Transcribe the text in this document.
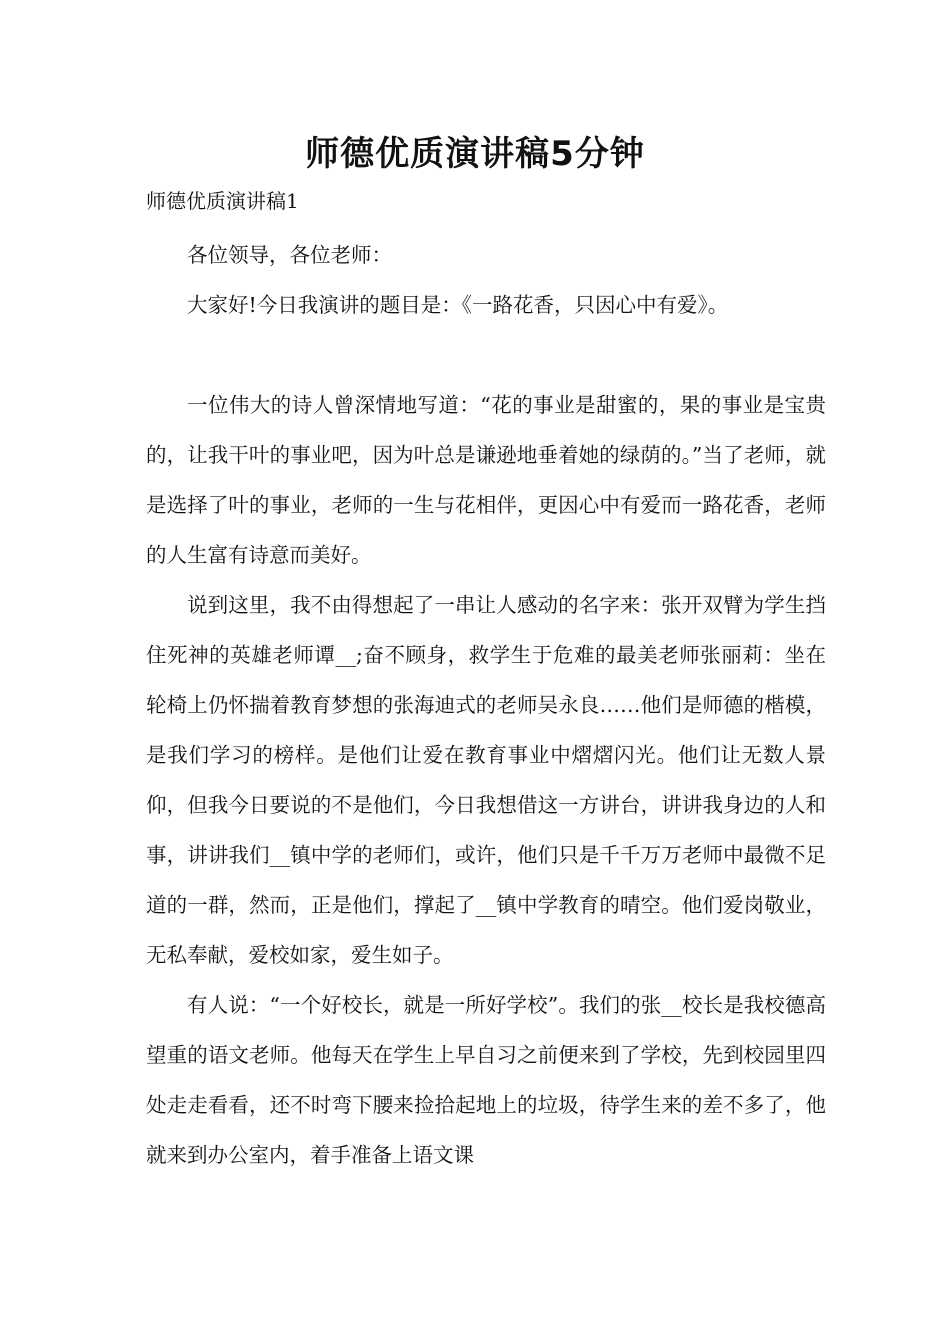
师德优质演讲稿5分钟
师德优质演讲稿1

各位领导，各位老师：

大家好!今日我演讲的题目是：《一路花香，只因心中有爱》。

一位伟大的诗人曾深情地写道：“花的事业是甜蜜的，果的事业是宝贵的，让我干叶的事业吧，因为叶总是谦逊地垂着她的绿荫的。”当了老师，就是选择了叶的事业，老师的一生与花相伴，更因心中有爱而一路花香，老师的人生富有诗意而美好。

说到这里，我不由得想起了一串让人感动的名字来：张开双臂为学生挡住死神的英雄老师谭__;奋不顾身，救学生于危难的最美老师张丽莉：坐在轮椅上仍怀揣着教育梦想的张海迪式的老师吴永良……他们是师德的楷模，是我们学习的榜样。是他们让爱在教育事业中熠熠闪光。他们让无数人景仰，但我今日要说的不是他们，今日我想借这一方讲台，讲讲我身边的人和事，讲讲我们__镇中学的老师们，或许，他们只是千千万万老师中最微不足道的一群，然而，正是他们，撑起了__镇中学教育的晴空。他们爱岗敬业，无私奉献，爱校如家，爱生如子。

有人说：“一个好校长，就是一所好学校”。我们的张__校长是我校德高望重的语文老师。他每天在学生上早自习之前便来到了学校，先到校园里四处走走看看，还不时弯下腰来捡拾起地上的垃圾，待学生来的差不多了，他就来到办公室内，着手准备上语文课
